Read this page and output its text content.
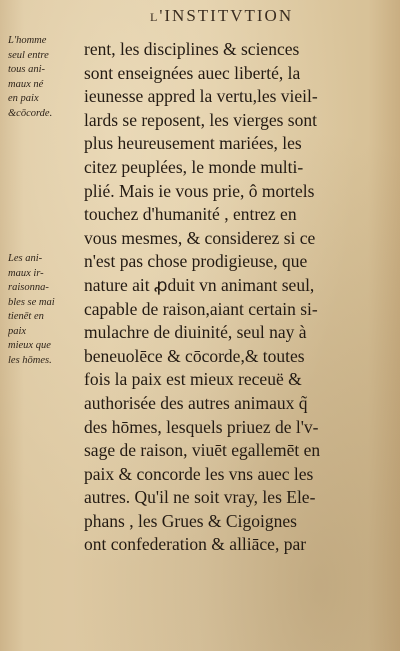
l'INSTITVTION
L'homme
seul entre
tous ani-
maux né
en paix
&cōcorde.
Les ani-
maux ir-
raisonna-
bles se mai
tienēt en
paix
mieux que
les hōmes.
rent, les disciplines & sciences
sont enseignées auec liberté, la
ieunesse appred la vertu,les vieil-
lards se reposent, les vierges sont
plus heureusement mariées, les
citez peuplées, le monde multi-
plié. Mais ie vous prie, ô mortels
touchez d'humanité , entrez en
vous mesmes, & considerez si ce
n'est pas chose prodigieuse, que
nature ait ꝓduit vn animant seul,
capable de raison,aiant certain si-
mulachre de diuinité, seul nay à
beneuolēce & cōcorde,& toutes
fois la paix est mieux receuë &
authorisée des autres animaux q̃
des hōmes, lesquels priuez de l'v-
sage de raison, viuēt egallemēt en
paix & concorde les vns auec les
autres. Qu'il ne soit vray, les Ele-
phans , les Grues & Cigoignes
ont confederation & alliāce, par
